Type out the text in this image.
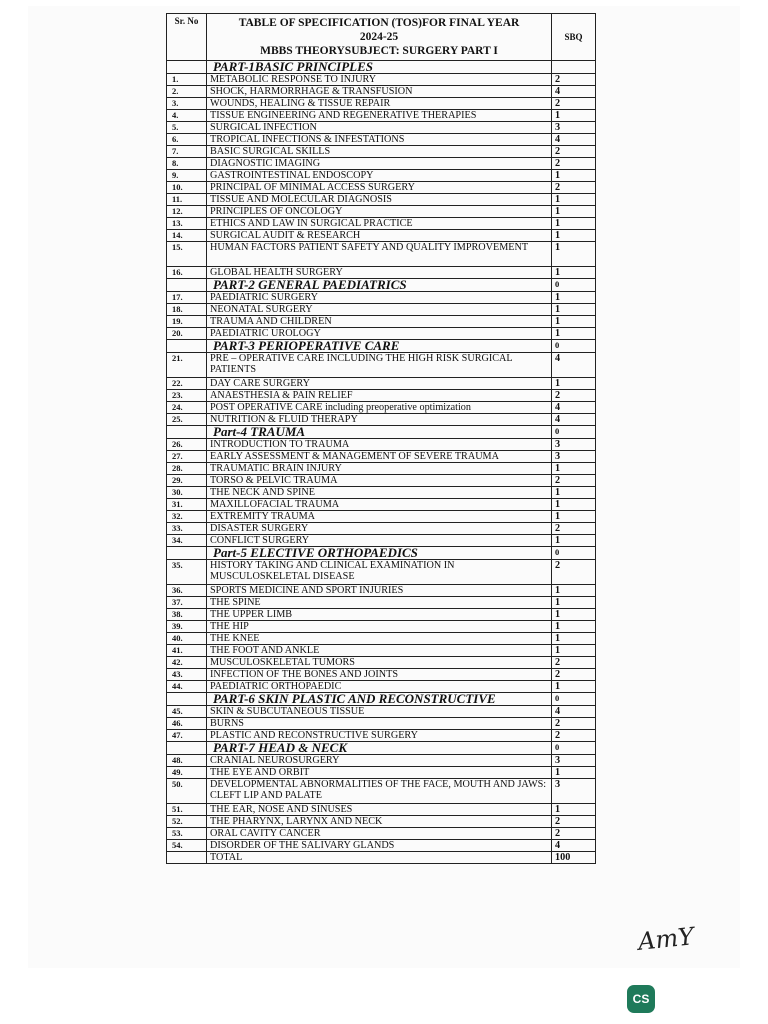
Sr. No	TABLE OF SPECIFICATION (TOS)FOR FINAL YEAR
2024-25
MBBS THEORYSUBJECT: SURGERY PART I	SBQ
	PART-1BASIC PRINCIPLES	
1.	METABOLIC RESPONSE TO INJURY	2
2.	SHOCK, HARMORRHAGE & TRANSFUSION	4
3.	WOUNDS, HEALING & TISSUE REPAIR	2
4.	TISSUE ENGINEERING AND REGENERATIVE THERAPIES	1
5.	SURGICAL INFECTION	3
6.	TROPICAL INFECTIONS & INFESTATIONS	4
7.	BASIC SURGICAL SKILLS	2
8.	DIAGNOSTIC IMAGING	2
9.	GASTROINTESTINAL ENDOSCOPY	1
10.	PRINCIPAL OF MINIMAL ACCESS SURGERY	2
11.	TISSUE AND MOLECULAR DIAGNOSIS	1
12.	PRINCIPLES OF ONCOLOGY	1
13.	ETHICS AND LAW IN SURGICAL PRACTICE	1
14.	SURGICAL AUDIT & RESEARCH	1
15.	HUMAN FACTORS PATIENT SAFETY AND QUALITY IMPROVEMENT	1
16.	GLOBAL HEALTH SURGERY	1
	PART-2 GENERAL PAEDIATRICS	0
17.	PAEDIATRIC SURGERY	1
18.	NEONATAL SURGERY	1
19.	TRAUMA AND CHILDREN	1
20.	PAEDIATRIC UROLOGY	1
	PART-3 PERIOPERATIVE CARE	0
21.	PRE – OPERATIVE CARE INCLUDING THE HIGH RISK SURGICAL PATIENTS	4
22.	DAY CARE SURGERY	1
23.	ANAESTHESIA & PAIN RELIEF	2
24.	POST OPERATIVE CARE including preoperative optimization	4
25.	NUTRITION & FLUID THERAPY	4
	Part-4 TRAUMA	0
26.	INTRODUCTION TO TRAUMA	3
27.	EARLY ASSESSMENT & MANAGEMENT OF SEVERE TRAUMA	3
28.	TRAUMATIC BRAIN INJURY	1
29.	TORSO & PELVIC TRAUMA	2
30.	THE NECK AND SPINE	1
31.	MAXILLOFACIAL TRAUMA	1
32.	EXTREMITY TRAUMA	1
33.	DISASTER SURGERY	2
34.	CONFLICT SURGERY	1
	Part-5 ELECTIVE ORTHOPAEDICS	0
35.	HISTORY TAKING AND CLINICAL EXAMINATION IN MUSCULOSKELETAL DISEASE	2
36.	SPORTS MEDICINE AND SPORT INJURIES	1
37.	THE SPINE	1
38.	THE UPPER LIMB	1
39.	THE HIP	1
40.	THE KNEE	1
41.	THE FOOT AND ANKLE	1
42.	MUSCULOSKELETAL TUMORS	2
43.	INFECTION OF THE BONES AND JOINTS	2
44.	PAEDIATRIC ORTHOPAEDIC	1
	PART-6 SKIN PLASTIC AND RECONSTRUCTIVE	0
45.	SKIN & SUBCUTANEOUS TISSUE	4
46.	BURNS	2
47.	PLASTIC AND RECONSTRUCTIVE SURGERY	2
	PART-7 HEAD & NECK	0
48.	CRANIAL NEUROSURGERY	3
49.	THE EYE AND ORBIT	1
50.	DEVELOPMENTAL ABNORMALITIES OF THE FACE, MOUTH AND JAWS: CLEFT LIP AND PALATE	3
51.	THE EAR, NOSE AND SINUSES	1
52.	THE PHARYNX, LARYNX AND NECK	2
53.	ORAL CAVITY CANCER	2
54.	DISORDER OF THE SALIVARY GLANDS	4
	TOTAL	100
AmY
CS
